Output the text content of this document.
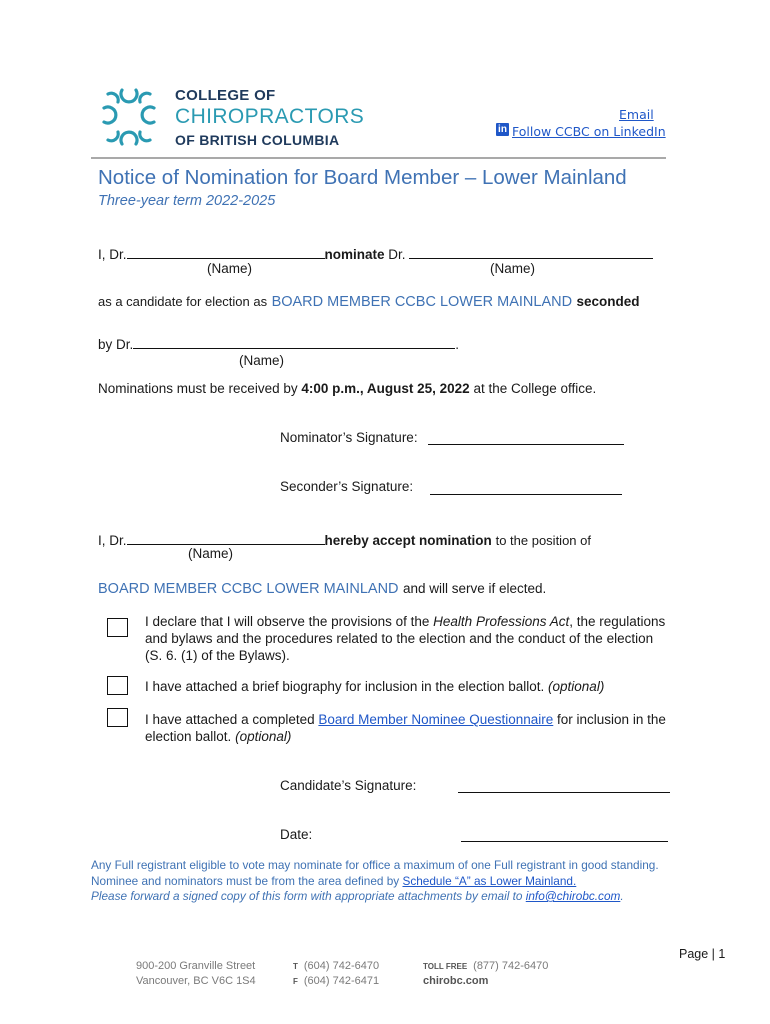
COLLEGE OF
CHIROPRACTORS
OF BRITISH COLUMBIA
Email
in Follow CCBC on LinkedIn
Notice of Nomination for Board Member – Lower Mainland
Three-year term 2022-2025
I, Dr.	nominate Dr.
(Name)	(Name)
as a candidate for election as BOARD MEMBER CCBC LOWER MAINLAND seconded
by Dr.	.
(Name)
Nominations must be received by 4:00 p.m., August 25, 2022 at the College office.
Nominator’s Signature:
Seconder’s Signature:
I, Dr.	hereby accept nomination to the position of
(Name)
BOARD MEMBER CCBC LOWER MAINLAND and will serve if elected.
I declare that I will observe the provisions of the Health Professions Act, the regulations
and bylaws and the procedures related to the election and the conduct of the election
(S. 6. (1) of the Bylaws).
I have attached a brief biography for inclusion in the election ballot. (optional)
I have attached a completed Board Member Nominee Questionnaire for inclusion in the
election ballot. (optional)
Candidate’s Signature:
Date:
Any Full registrant eligible to vote may nominate for office a maximum of one Full registrant in good standing.
Nominee and nominators must be from the area defined by Schedule “A” as Lower Mainland.
Please forward a signed copy of this form with appropriate attachments by email to info@chirobc.com.
Page | 1
900-200 Granville Street
Vancouver, BC V6C 1S4
T (604) 742-6470
F (604) 742-6471
TOLL FREE (877) 742-6470
chirobc.com
